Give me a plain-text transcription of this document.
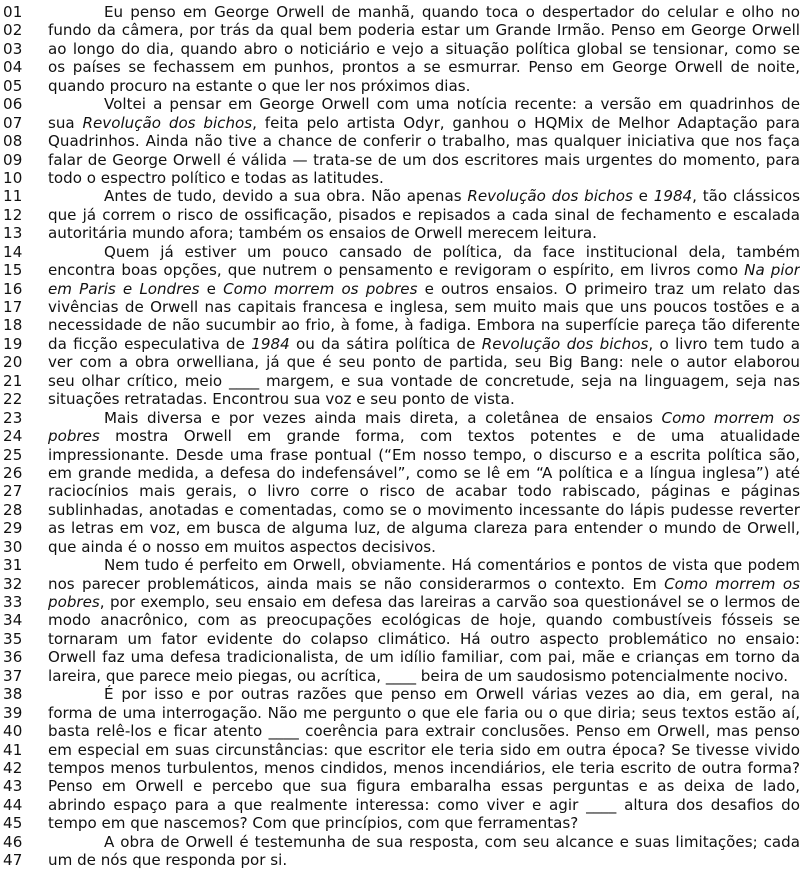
01	Eu penso em George Orwell de manhã, quando toca o despertador do celular e olho no
02	fundo da câmera, por trás da qual bem poderia estar um Grande Irmão. Penso em George Orwell
03	ao longo do dia, quando abro o noticiário e vejo a situação política global se tensionar, como se
04	os países se fechassem em punhos, prontos a se esmurrar. Penso em George Orwell de noite,
05	quando procuro na estante o que ler nos próximos dias.
06	Voltei a pensar em George Orwell com uma notícia recente: a versão em quadrinhos de
07	sua Revolução dos bichos, feita pelo artista Odyr, ganhou o HQMix de Melhor Adaptação para
08	Quadrinhos. Ainda não tive a chance de conferir o trabalho, mas qualquer iniciativa que nos faça
09	falar de George Orwell é válida — trata-se de um dos escritores mais urgentes do momento, para
10	todo o espectro político e todas as latitudes.
11	Antes de tudo, devido a sua obra. Não apenas Revolução dos bichos e 1984, tão clássicos
12	que já correm o risco de ossificação, pisados e repisados a cada sinal de fechamento e escalada
13	autoritária mundo afora; também os ensaios de Orwell merecem leitura.
14	Quem já estiver um pouco cansado de política, da face institucional dela, também
15	encontra boas opções, que nutrem o pensamento e revigoram o espírito, em livros como Na pior
16	em Paris e Londres e Como morrem os pobres e outros ensaios. O primeiro traz um relato das
17	vivências de Orwell nas capitais francesa e inglesa, sem muito mais que uns poucos tostões e a
18	necessidade de não sucumbir ao frio, à fome, à fadiga. Embora na superfície pareça tão diferente
19	da ficção especulativa de 1984 ou da sátira política de Revolução dos bichos, o livro tem tudo a
20	ver com a obra orwelliana, já que é seu ponto de partida, seu Big Bang: nele o autor elaborou
21	seu olhar crítico, meio ____ margem, e sua vontade de concretude, seja na linguagem, seja nas
22	situações retratadas. Encontrou sua voz e seu ponto de vista.
23	Mais diversa e por vezes ainda mais direta, a coletânea de ensaios Como morrem os
24	pobres mostra Orwell em grande forma, com textos potentes e de uma atualidade
25	impressionante. Desde uma frase pontual (“Em nosso tempo, o discurso e a escrita política são,
26	em grande medida, a defesa do indefensável”, como se lê em “A política e a língua inglesa”) até
27	raciocínios mais gerais, o livro corre o risco de acabar todo rabiscado, páginas e páginas
28	sublinhadas, anotadas e comentadas, como se o movimento incessante do lápis pudesse reverter
29	as letras em voz, em busca de alguma luz, de alguma clareza para entender o mundo de Orwell,
30	que ainda é o nosso em muitos aspectos decisivos.
31	Nem tudo é perfeito em Orwell, obviamente. Há comentários e pontos de vista que podem
32	nos parecer problemáticos, ainda mais se não considerarmos o contexto. Em Como morrem os
33	pobres, por exemplo, seu ensaio em defesa das lareiras a carvão soa questionável se o lermos de
34	modo anacrônico, com as preocupações ecológicas de hoje, quando combustíveis fósseis se
35	tornaram um fator evidente do colapso climático. Há outro aspecto problemático no ensaio:
36	Orwell faz uma defesa tradicionalista, de um idílio familiar, com pai, mãe e crianças em torno da
37	lareira, que parece meio piegas, ou acrítica, ____ beira de um saudosismo potencialmente nocivo.
38	É por isso e por outras razões que penso em Orwell várias vezes ao dia, em geral, na
39	forma de uma interrogação. Não me pergunto o que ele faria ou o que diria; seus textos estão aí,
40	basta relê-los e ficar atento ____ coerência para extrair conclusões. Penso em Orwell, mas penso
41	em especial em suas circunstâncias: que escritor ele teria sido em outra época? Se tivesse vivido
42	tempos menos turbulentos, menos cindidos, menos incendiários, ele teria escrito de outra forma?
43	Penso em Orwell e percebo que sua figura embaralha essas perguntas e as deixa de lado,
44	abrindo espaço para a que realmente interessa: como viver e agir ____ altura dos desafios do
45	tempo em que nascemos? Com que princípios, com que ferramentas?
46	A obra de Orwell é testemunha de sua resposta, com seu alcance e suas limitações; cada
47	um de nós que responda por si.
